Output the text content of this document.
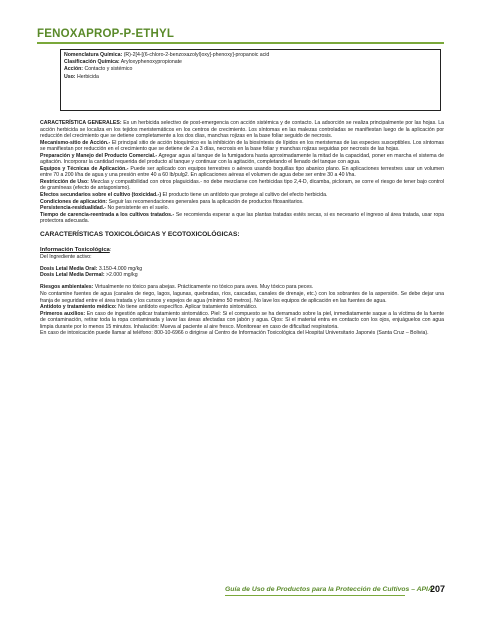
FENOXAPROP-P-ETHYL
Nomenclatura Química: (R)-2[4-[(6-chloro-2-benzoxazolyl)oxy]-phenoxy]-propanoic acid
Clasificación Química: Aryloxyphenoxypropionate
Acción: Contacto y sistémico
Uso: Herbicida

CARACTERÍSTICA GENERALES: Es un herbicida selectivo de post-emergencia con acción sistémica y de contacto. La adsorción se realiza principalmente por las hojas. La acción herbicida se localiza en los tejidos meristemáticos en los centros de crecimiento. Los síntomas en las malezas controladas se manifiestan luego de la aplicación por reducción del crecimiento que se detiene completamente a los dos días, manchas rojizas en la base foliar seguido de necrosis.

Mecanismo-sitio de Acción.- El principal sitio de acción bioquímico es la inhibición de la biosíntesis de lípidos en los meristemas de las especies susceptibles. Los síntomas se manifiestan por reducción en el crecimiento que se detiene de 2 a 3 días, necrosis en la base foliar y manchas rojizas seguidas por necrosis de las hojas.

Preparación y Manejo del Producto Comercial.- Agregar agua al tanque de la fumigadora hasta aproximadamente la mitad de la capacidad, poner en marcha el sistema de agitación. Incorporar la cantidad requerida del producto al tanque y continuar con la agitación, completando el llenado del tanque con agua.

Equipos y Técnicas de Aplicación.- Puede ser aplicado con equipos terrestres o aéreos usando boquillas tipo abanico plano. En aplicaciones terrestres usar un volumen entre 70 a 200 l/ha de agua y una presión entre 40 a 60 lb/pulg2. En aplicaciones aéreas el volumen de agua debe ser entre 30 a 40 l/ha.

Restricción de Uso: Mezclas y compatibilidad con otros plaguicidas.- no debe mezclarse con herbicidas tipo 2,4-D, dicamba, picloram, se corre el riesgo de tener bajo control de gramíneas (efecto de antagonismo).

Efectos secundarios sobre el cultivo (toxicidad.-) El producto tiene un antídoto que protege al cultivo del efecto herbicida.

Condiciones de aplicación: Seguir las recomendaciones generales para la aplicación de productos fitosanitarios.

Persistencia-residualidad.- No persistente en el suelo.

Tiempo de carencia-reentrada a los cultivos tratados.- Se recomienda esperar a que las plantas tratadas estés secas, si es necesario el ingreso al área tratada, usar ropa protectora adecuada.

CARACTERÍSTICAS TOXICOLÓGICAS Y ECOTOXICOLÓGICAS:

Información Toxicológica:

Del Ingrediente activo:

Dosis Letal Media Oral: 3.150-4.000 mg/kg

Dosis Letal Media Dermal: >2.000 mg/kg

Riesgos ambientales: Virtualmente no tóxico para abejas. Prácticamente no tóxico para aves. Muy tóxico para peces.

No contamine fuentes de agua (canales de riego, lagos, lagunas, quebradas, ríos, cascadas, canales de drenaje, etc.) con los sobrantes de la aspersión. Se debe dejar una franja de seguridad entre el área tratada y los cursos y espejos de agua (mínimo 50 metros). No lave los equipos de aplicación en las fuentes de agua.

Antídoto y tratamiento médico: No tiene antídoto específico. Aplicar tratamiento sintomático.

Primeros auxilios: En caso de ingestión aplicar tratamiento sintomático. Piel: Si el compuesto se ha derramado sobre la piel, inmediatamente saque a la víctima de la fuente de contaminación, retirar toda la ropa contaminada y lavar las áreas afectadas con jabón y agua. Ojos: Si el material entra en contacto con los ojos, enjuáguelos con agua limpia durante por lo menos 15 minutos. Inhalación: Mueva al paciente al aire fresco. Monitorear en caso de dificultad respiratoria.

En caso de intoxicación puede llamar al teléfono: 800-10-6966 o dirigirse al Centro de Información Toxicológica del Hospital Universitario Japonés (Santa Cruz – Bolivia).

Guía de Uso de Productos para la Protección de Cultivos – APIA
207
